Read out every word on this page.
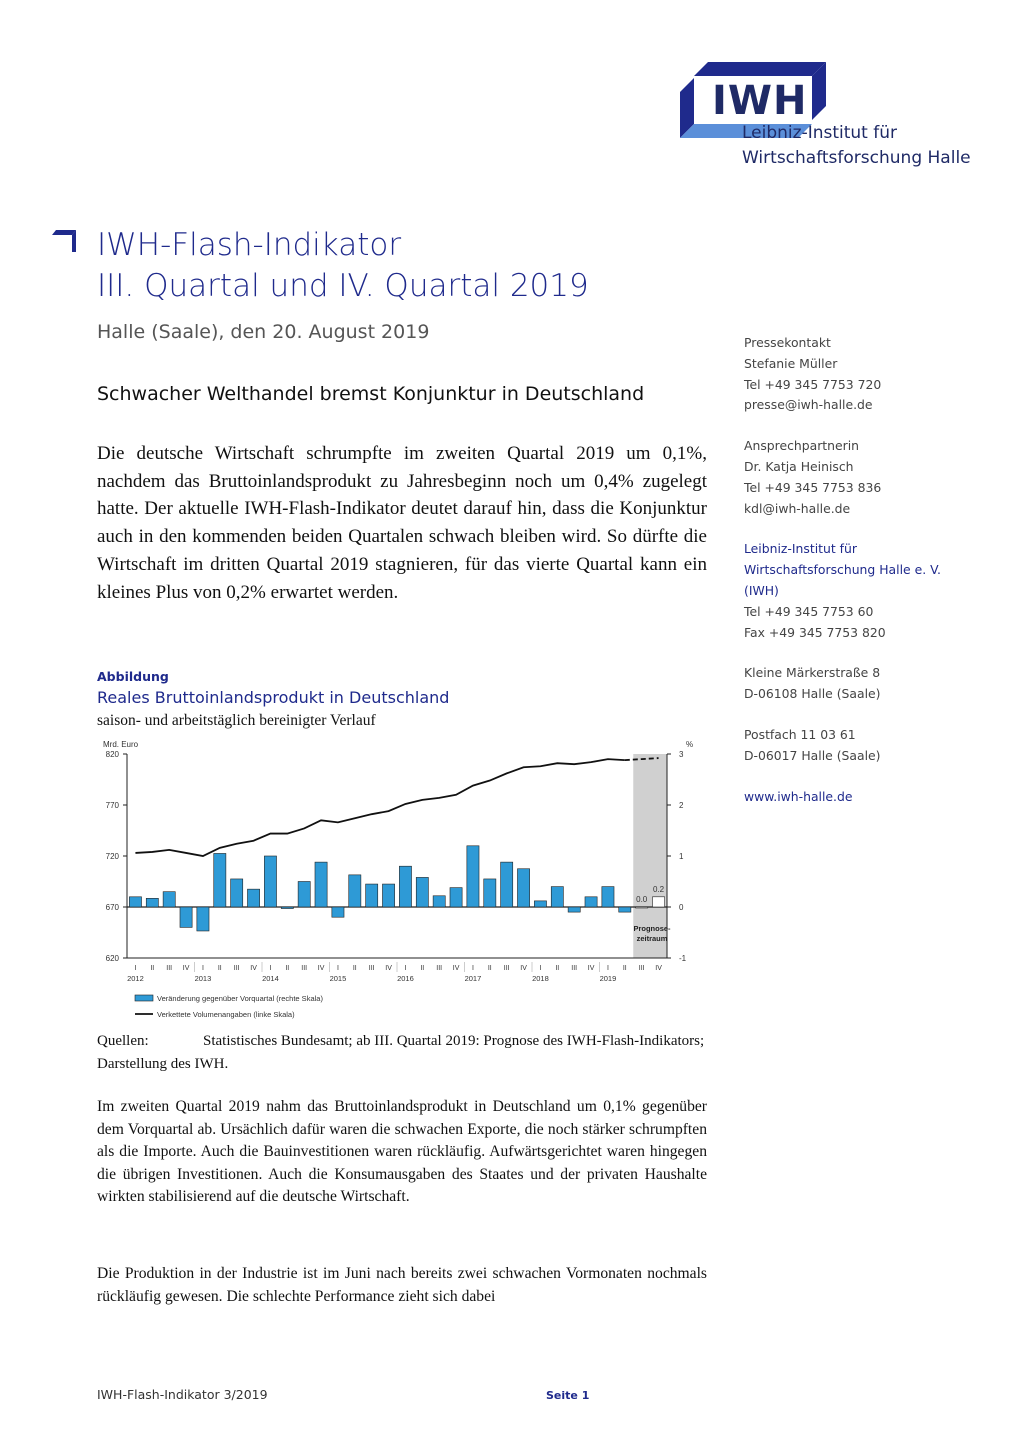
IWH
Leibniz-Institut für
Wirtschaftsforschung Halle
IWH-Flash-Indikator
III. Quartal und IV. Quartal 2019
Halle (Saale), den 20. August 2019
Schwacher Welthandel bremst Konjunktur in Deutschland
Die deutsche Wirtschaft schrumpfte im zweiten Quartal 2019 um 0,1%, nachdem das Bruttoinlandsprodukt zu Jahresbeginn noch um 0,4% zugelegt hatte. Der aktuelle IWH-Flash-Indikator deutet darauf hin, dass die Konjunktur auch in den kommenden beiden Quartalen schwach bleiben wird. So dürfte die Wirtschaft im dritten Quartal 2019 stagnieren, für das vierte Quartal kann ein kleines Plus von 0,2% erwartet werden.
Pressekontakt
Stefanie Müller
Tel +49 345 7753 720
presse@iwh-halle.de
Ansprechpartnerin
Dr. Katja Heinisch
Tel +49 345 7753 836
kdl@iwh-halle.de
Leibniz-Institut für
Wirtschaftsforschung Halle e. V.
(IWH)
Tel +49 345 7753 60
Fax +49 345 7753 820
Kleine Märkerstraße 8
D-06108 Halle (Saale)
Postfach 11 03 61
D-06017 Halle (Saale)
www.iwh-halle.de
Abbildung
Reales Bruttoinlandsprodukt in Deutschland
saison- und arbeitstäglich bereinigter Verlauf
820
770
720
670
620
3
2
1
0
-1
0.0
0.2
I II III IV I II III IV I II III IV I II III IV I II III IV I II III IV I II III IV I II III IV
2012	2013	2014	2015	2016	2017	2018	2019
Mrd. Euro	%
Prognose-
zeitraum
Veränderung gegenüber Vorquartal (rechte Skala)
Verkettete Volumenangaben (linke Skala)
Quellen:	Statistisches Bundesamt; ab III. Quartal 2019: Prognose des IWH-Flash-Indikators; Darstellung des IWH.
Im zweiten Quartal 2019 nahm das Bruttoinlandsprodukt in Deutschland um 0,1% gegenüber dem Vorquartal ab. Ursächlich dafür waren die schwachen Exporte, die noch stärker schrumpften als die Importe. Auch die Bauinvestitionen waren rückläufig. Aufwärtsgerichtet waren hingegen die übrigen Investitionen. Auch die Konsumausgaben des Staates und der privaten Haushalte wirkten stabilisierend auf die deutsche Wirtschaft.
Die Produktion in der Industrie ist im Juni nach bereits zwei schwachen Vormonaten nochmals rückläufig gewesen. Die schlechte Performance zieht sich dabei
IWH-Flash-Indikator 3/2019	Seite 1
